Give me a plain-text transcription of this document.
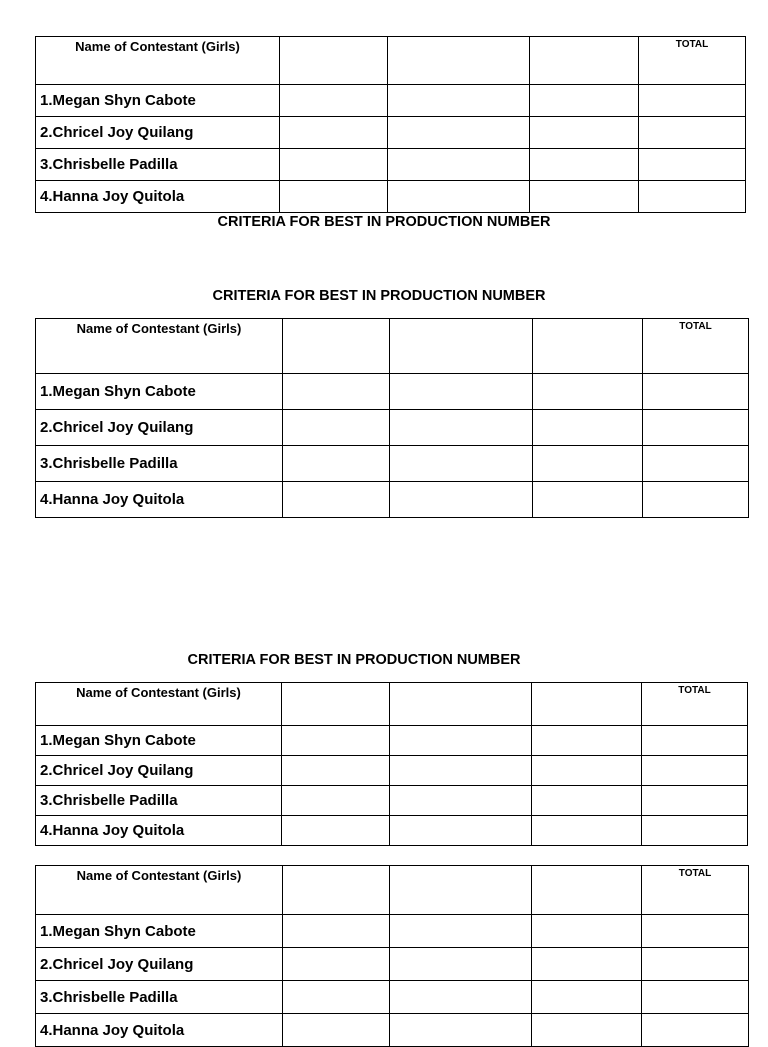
Name of Contestant (Girls)				TOTAL
1.Megan Shyn Cabote				
2.Chricel Joy Quilang				
3.Chrisbelle Padilla				
4.Hanna Joy Quitola				
CRITERIA FOR BEST IN PRODUCTION NUMBER
CRITERIA FOR BEST IN PRODUCTION NUMBER
Name of Contestant (Girls)				TOTAL
1.Megan Shyn Cabote				
2.Chricel Joy Quilang				
3.Chrisbelle Padilla				
4.Hanna Joy Quitola				
CRITERIA FOR BEST IN PRODUCTION NUMBER
Name of Contestant (Girls)				TOTAL
1.Megan Shyn Cabote				
2.Chricel Joy Quilang				
3.Chrisbelle Padilla				
4.Hanna Joy Quitola				
Name of Contestant (Girls)				TOTAL
1.Megan Shyn Cabote				
2.Chricel Joy Quilang				
3.Chrisbelle Padilla				
4.Hanna Joy Quitola				
